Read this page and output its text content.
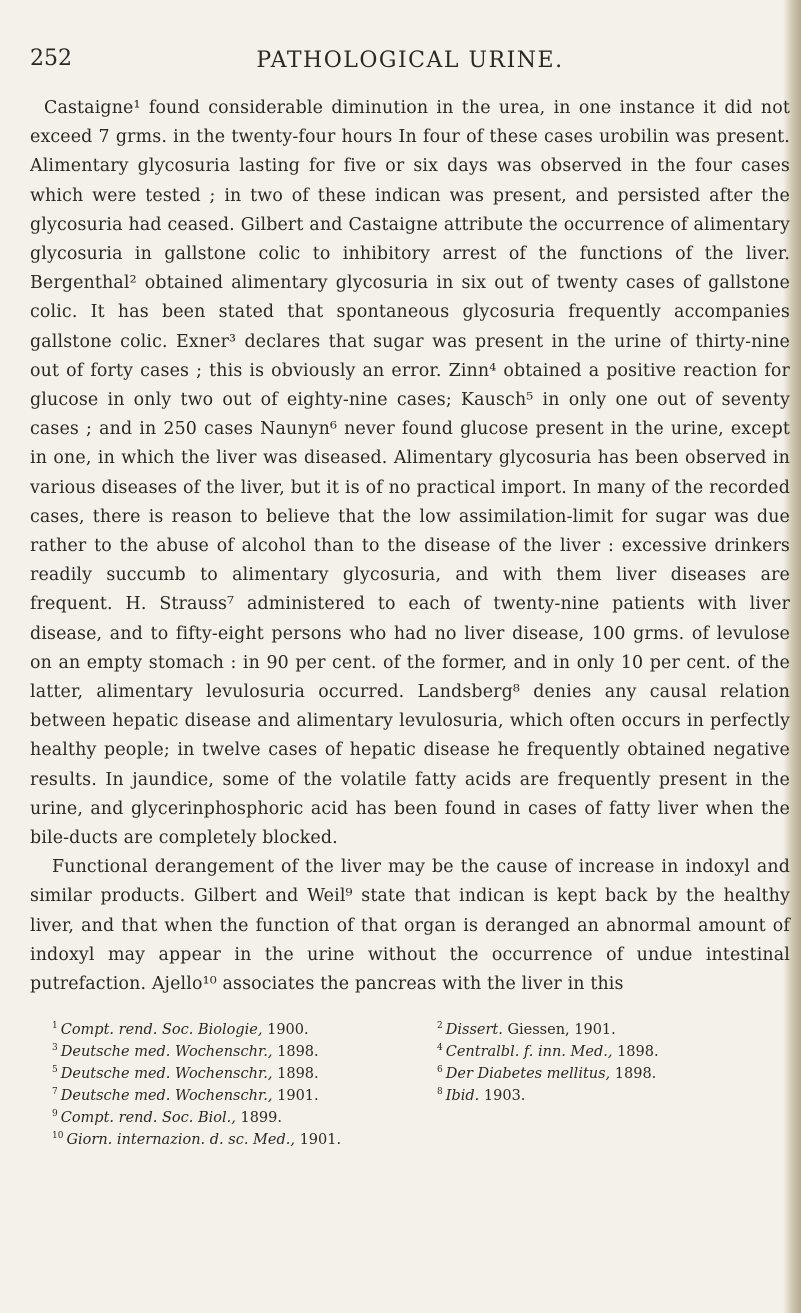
252	PATHOLOGICAL URINE.

Castaigne¹ found considerable diminution in the urea, in one instance it did not exceed 7 grms. in the twenty-four hours In four of these cases urobilin was present. Alimentary glycosuria lasting for five or six days was observed in the four cases which were tested ; in two of these indican was present, and persisted after the glycosuria had ceased. Gilbert and Castaigne attribute the occurrence of alimentary glycosuria in gallstone colic to inhibitory arrest of the functions of the liver. Bergenthal² obtained alimentary glycosuria in six out of twenty cases of gallstone colic. It has been stated that spontaneous glycosuria frequently accompanies gallstone colic. Exner³ declares that sugar was present in the urine of thirty-nine out of forty cases ; this is obviously an error. Zinn⁴ obtained a positive reaction for glucose in only two out of eighty-nine cases; Kausch⁵ in only one out of seventy cases ; and in 250 cases Naunyn⁶ never found glucose present in the urine, except in one, in which the liver was diseased. Alimentary glycosuria has been observed in various diseases of the liver, but it is of no practical import. In many of the recorded cases, there is reason to believe that the low assimilation-limit for sugar was due rather to the abuse of alcohol than to the disease of the liver : excessive drinkers readily succumb to alimentary glycosuria, and with them liver diseases are frequent. H. Strauss⁷ administered to each of twenty-nine patients with liver disease, and to fifty-eight persons who had no liver disease, 100 grms. of levulose on an empty stomach : in 90 per cent. of the former, and in only 10 per cent. of the latter, alimentary levulosuria occurred. Landsberg⁸ denies any causal relation between hepatic disease and alimentary levulosuria, which often occurs in perfectly healthy people; in twelve cases of hepatic disease he frequently obtained negative results. In jaundice, some of the volatile fatty acids are frequently present in the urine, and glycerinphosphoric acid has been found in cases of fatty liver when the bile-ducts are completely blocked.

Functional derangement of the liver may be the cause of increase in indoxyl and similar products. Gilbert and Weil⁹ state that indican is kept back by the healthy liver, and that when the function of that organ is deranged an abnormal amount of indoxyl may appear in the urine without the occurrence of undue intestinal putrefaction. Ajello¹⁰ associates the pancreas with the liver in this

$^1$ Compt. rend. Soc. Biologie, 1900.	$^2$ Dissert. Giessen, 1901.
$^3$ Deutsche med. Wochenschr., 1898.	$^4$ Centralbl. f. inn. Med., 1898.
$^5$ Deutsche med. Wochenschr., 1898.	$^6$ Der Diabetes mellitus, 1898.
$^7$ Deutsche med. Wochenschr., 1901.	$^8$ Ibid. 1903.
$^9$ Compt. rend. Soc. Biol., 1899.
$^{10}$ Giorn. internazion. d. sc. Med., 1901.
